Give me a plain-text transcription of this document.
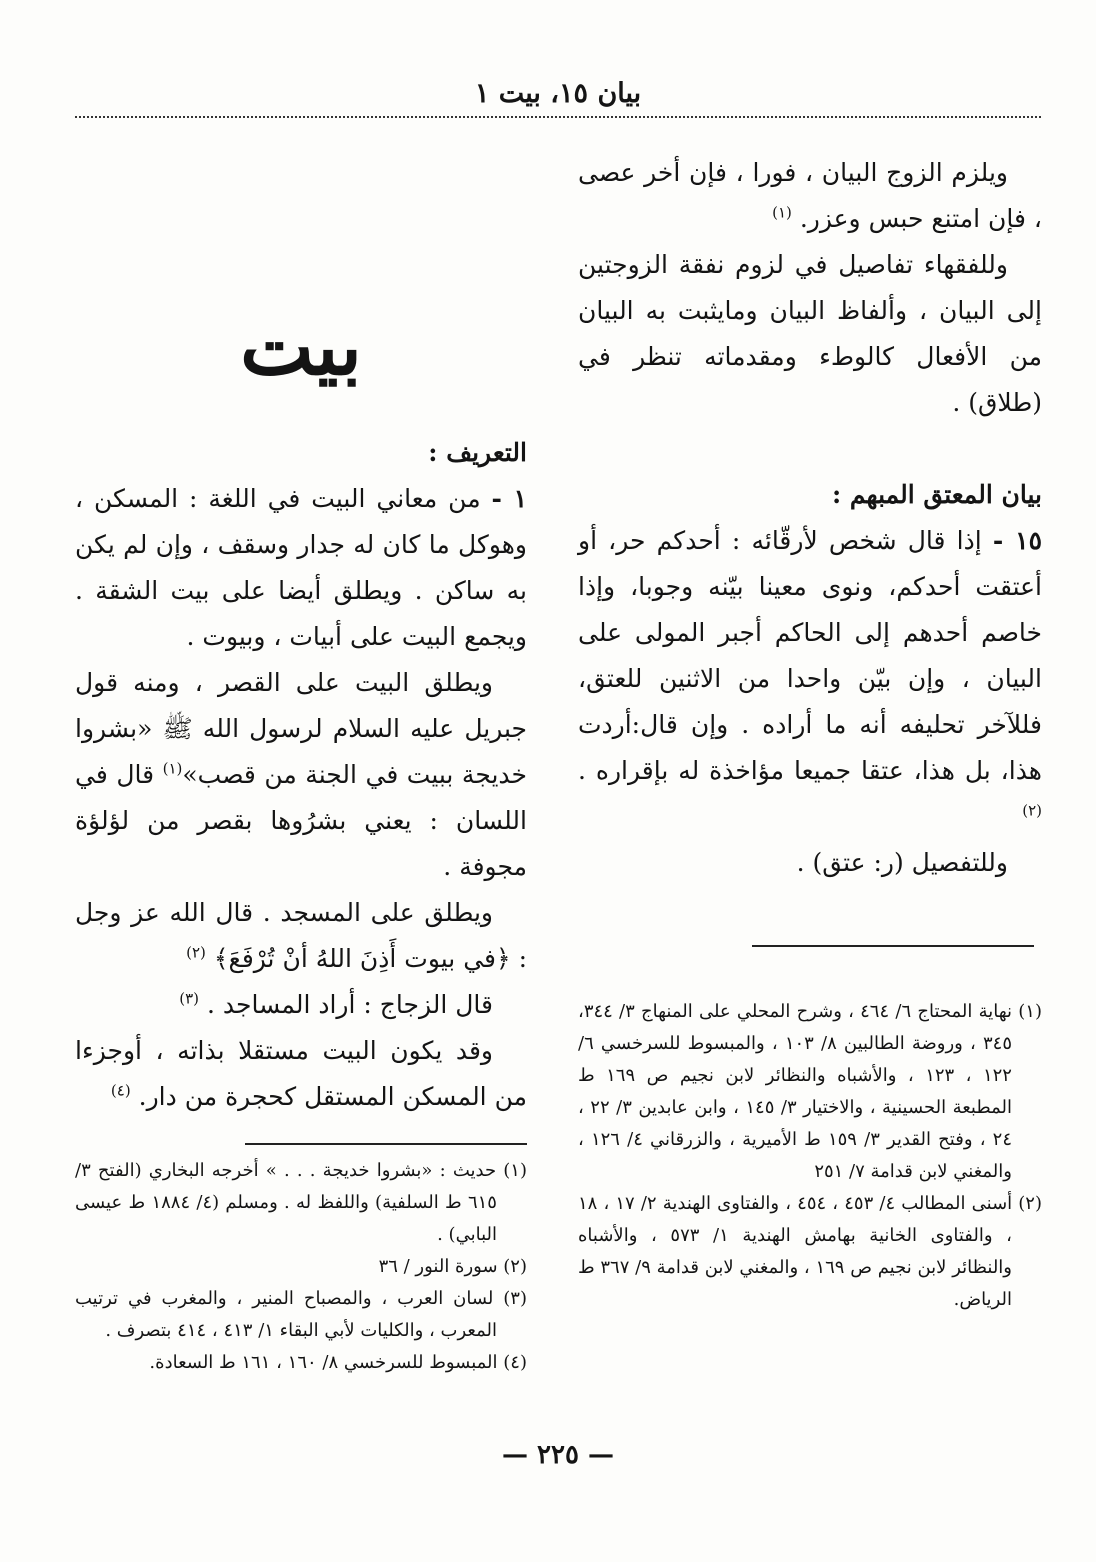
بيان ١٥، بيت ١

ويلزم الزوج البيان ، فورا ، فإن أخر عصى ، فإن امتنع حبس وعزر. $^{(١)}$

وللفقهاء تفاصيل في لزوم نفقة الزوجتين إلى البيان ، وألفاظ البيان ومايثبت به البيان من الأفعال كالوطء ومقدماته تنظر في (طلاق) .

بيان المعتق المبهم :

١٥ - إذا قال شخص لأرقّائه : أحدكم حر، أو أعتقت أحدكم، ونوى معينا بيّنه وجوبا، وإذا خاصم أحدهم إلى الحاكم أجبر المولى على البيان ، وإن بيّن واحدا من الاثنين للعتق، فللآخر تحليفه أنه ما أراده . وإن قال:أردت هذا، بل هذا، عتقا جميعا مؤاخذة له بإقراره . $^{(٢)}$

وللتفصيل (ر: عتق) .

بيت

التعريف :

١ - من معاني البيت في اللغة : المسكن ، وهوكل ما كان له جدار وسقف ، وإن لم يكن به ساكن . ويطلق أيضا على بيت الشقة . ويجمع البيت على أبيات ، وبيوت .

ويطلق البيت على القصر ، ومنه قول جبريل عليه السلام لرسول الله ﷺ «بشروا خديجة ببيت في الجنة من قصب»$^{(١)}$ قال في اللسان : يعني بشرُوها بقصر من لؤلؤة مجوفة .

ويطلق على المسجد . قال الله عز وجل : ﴿في بيوت أَذِنَ اللهُ أنْ تُرْفَعَ﴾ $^{(٢)}$

قال الزجاج : أراد المساجد . $^{(٣)}$

وقد يكون البيت مستقلا بذاته ، أوجزءا من المسكن المستقل كحجرة من دار. $^{(٤)}$

(١) نهاية المحتاج ٦/ ٤٦٤ ، وشرح المحلي على المنهاج ٣/ ٣٤٤، ٣٤٥ ، وروضة الطالبين ٨/ ١٠٣ ، والمبسوط للسرخسي ٦/ ١٢٢ ، ١٢٣ ، والأشباه والنظائر لابن نجيم ص ١٦٩ ط المطبعة الحسينية ، والاختيار ٣/ ١٤٥ ، وابن عابدين ٣/ ٢٢ ، ٢٤ ، وفتح القدير ٣/ ١٥٩ ط الأميرية ، والزرقاني ٤/ ١٢٦ ، والمغني لابن قدامة ٧/ ٢٥١

(٢) أسنى المطالب ٤/ ٤٥٣ ، ٤٥٤ ، والفتاوى الهندية ٢/ ١٧ ، ١٨ ، والفتاوى الخانية بهامش الهندية ١/ ٥٧٣ ، والأشباه والنظائر لابن نجيم ص ١٦٩ ، والمغني لابن قدامة ٩/ ٣٦٧ ط الرياض.

(١) حديث : «بشروا خديجة . . . » أخرجه البخاري (الفتح ٣/ ٦١٥ ط السلفية) واللفظ له . ومسلم (٤/ ١٨٨٤ ط عيسى البابي) .

(٢) سورة النور / ٣٦

(٣) لسان العرب ، والمصباح المنير ، والمغرب في ترتيب المعرب ، والكليات لأبي البقاء ١/ ٤١٣ ، ٤١٤ بتصرف .

(٤) المبسوط للسرخسي ٨/ ١٦٠ ، ١٦١ ط السعادة.

— ٢٢٥ —
